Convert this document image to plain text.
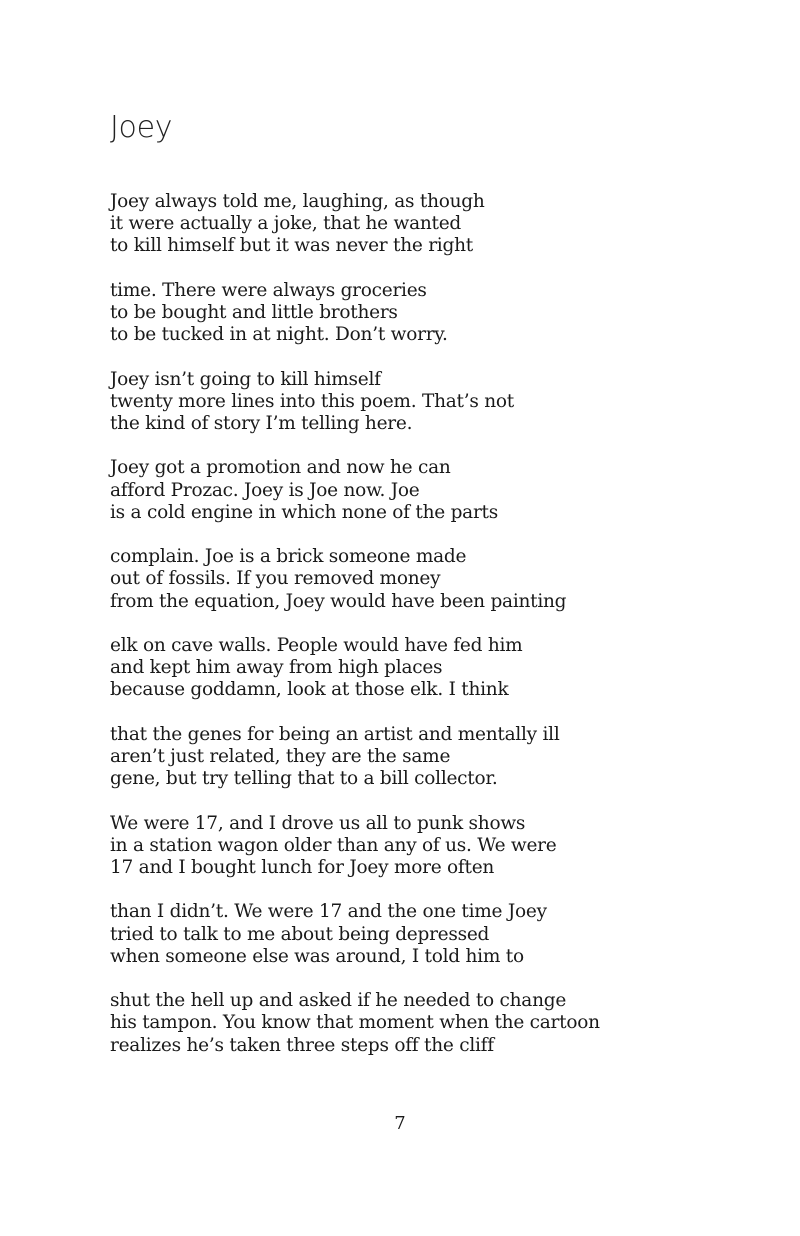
Joey

Joey always told me, laughing, as though
it were actually a joke, that he wanted
to kill himself but it was never the right

time. There were always groceries
to be bought and little brothers
to be tucked in at night. Don’t worry.

Joey isn’t going to kill himself
twenty more lines into this poem. That’s not
the kind of story I’m telling here.

Joey got a promotion and now he can
afford Prozac. Joey is Joe now. Joe
is a cold engine in which none of the parts

complain. Joe is a brick someone made
out of fossils. If you removed money
from the equation, Joey would have been painting

elk on cave walls. People would have fed him
and kept him away from high places
because goddamn, look at those elk. I think

that the genes for being an artist and mentally ill
aren’t just related, they are the same
gene, but try telling that to a bill collector.

We were 17, and I drove us all to punk shows
in a station wagon older than any of us. We were
17 and I bought lunch for Joey more often

than I didn’t. We were 17 and the one time Joey
tried to talk to me about being depressed
when someone else was around, I told him to

shut the hell up and asked if he needed to change
his tampon. You know that moment when the cartoon
realizes he’s taken three steps off the cliff

7
